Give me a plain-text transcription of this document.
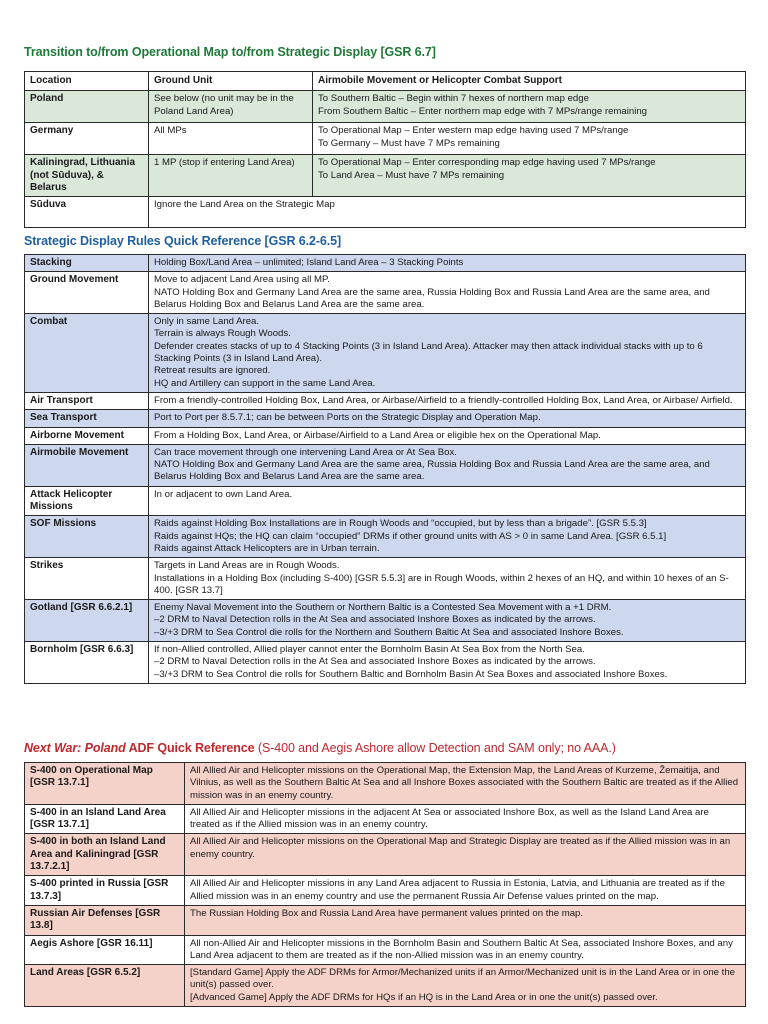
Transition to/from Operational Map to/from Strategic Display [GSR 6.7]
Location	Ground Unit	Airmobile Movement or Helicopter Combat Support
Poland	See below (no unit may be in the Poland Land Area)	To Southern Baltic – Begin within 7 hexes of northern map edge
From Southern Baltic – Enter northern map edge with 7 MPs/range remaining

Germany	All MPs	To Operational Map – Enter western map edge having used 7 MPs/range
To Germany – Must have 7 MPs remaining

Kaliningrad, Lithuania (not Sūduva), & Belarus	1 MP (stop if entering Land Area)	To Operational Map – Enter corresponding map edge having used 7 MPs/range
To Land Area – Must have 7 MPs remaining

Sūduva	Ignore the Land Area on the Strategic Map	
Strategic Display Rules Quick Reference [GSR 6.2-6.5]
Stacking	Holding Box/Land Area – unlimited; Island Land Area – 3 Stacking Points

Ground Movement	Move to adjacent Land Area using all MP.
NATO Holding Box and Germany Land Area are the same area, Russia Holding Box and Russia Land Area are the same area, and Belarus Holding Box and Belarus Land Area are the same area.

Combat	Only in same Land Area.
Terrain is always Rough Woods.
Defender creates stacks of up to 4 Stacking Points (3 in Island Land Area). Attacker may then attack individual stacks with up to 6 Stacking Points (3 in Island Land Area).
Retreat results are ignored.
HQ and Artillery can support in the same Land Area.

Air Transport	From a friendly-controlled Holding Box, Land Area, or Airbase/Airfield to a friendly-controlled Holding Box, Land Area, or Airbase/ Airfield.

Sea Transport	Port to Port per 8.5.7.1; can be between Ports on the Strategic Display and Operation Map.

Airborne Movement	From a Holding Box, Land Area, or Airbase/Airfield to a Land Area or eligible hex on the Operational Map.

Airmobile Movement	Can trace movement through one intervening Land Area or At Sea Box.
NATO Holding Box and Germany Land Area are the same area, Russia Holding Box and Russia Land Area are the same area, and Belarus Holding Box and Belarus Land Area are the same area.

Attack Helicopter Missions	In or adjacent to own Land Area.

SOF Missions	Raids against Holding Box Installations are in Rough Woods and “occupied, but by less than a brigade”. [GSR 5.5.3]
Raids against HQs; the HQ can claim “occupied” DRMs if other ground units with AS > 0 in same Land Area. [GSR 6.5.1]
Raids against Attack Helicopters are in Urban terrain.

Strikes	Targets in Land Areas are in Rough Woods.
Installations in a Holding Box (including S-400) [GSR 5.5.3] are in Rough Woods, within 2 hexes of an HQ, and within 10 hexes of an S-400. [GSR 13.7]

Gotland [GSR 6.6.2.1]	Enemy Naval Movement into the Southern or Northern Baltic is a Contested Sea Movement with a +1 DRM.
–2 DRM to Naval Detection rolls in the At Sea and associated Inshore Boxes as indicated by the arrows.
–3/+3 DRM to Sea Control die rolls for the Northern and Southern Baltic At Sea and associated Inshore Boxes.

Bornholm [GSR 6.6.3]	If non-Allied controlled, Allied player cannot enter the Bornholm Basin At Sea Box from the North Sea.
–2 DRM to Naval Detection rolls in the At Sea and associated Inshore Boxes as indicated by the arrows.
–3/+3 DRM to Sea Control die rolls for Southern Baltic and Bornholm Basin At Sea Boxes and associated Inshore Boxes.
Next War: Poland ADF Quick Reference (S-400 and Aegis Ashore allow Detection and SAM only; no AAA.)
S-400 on Operational Map [GSR 13.7.1]	All Allied Air and Helicopter missions on the Operational Map, the Extension Map, the Land Areas of Kurzeme, Žemaitija, and Vilnius, as well as the Southern Baltic At Sea and all Inshore Boxes associated with the Southern Baltic are treated as if the Allied mission was in an enemy country.

S-400 in an Island Land Area [GSR 13.7.1]	All Allied Air and Helicopter missions in the adjacent At Sea or associated Inshore Box, as well as the Island Land Area are treated as if the Allied mission was in an enemy country.

S-400 in both an Island Land Area and Kaliningrad [GSR 13.7.2.1]	All Allied Air and Helicopter missions on the Operational Map and Strategic Display are treated as if the Allied mission was in an enemy country.

S-400 printed in Russia [GSR 13.7.3]	All Allied Air and Helicopter missions in any Land Area adjacent to Russia in Estonia, Latvia, and Lithuania are treated as if the Allied mission was in an enemy country and use the permanent Russia Air Defense values printed on the map.

Russian Air Defenses [GSR 13.8]	The Russian Holding Box and Russia Land Area have permanent values printed on the map.

Aegis Ashore [GSR 16.11]	All non-Allied Air and Helicopter missions in the Bornholm Basin and Southern Baltic At Sea, associated Inshore Boxes, and any Land Area adjacent to them are treated as if the non-Allied mission was in an enemy country.

Land Areas [GSR 6.5.2]	[Standard Game] Apply the ADF DRMs for Armor/Mechanized units if an Armor/Mechanized unit is in the Land Area or in one the unit(s) passed over.
[Advanced Game] Apply the ADF DRMs for HQs if an HQ is in the Land Area or in one the unit(s) passed over.
